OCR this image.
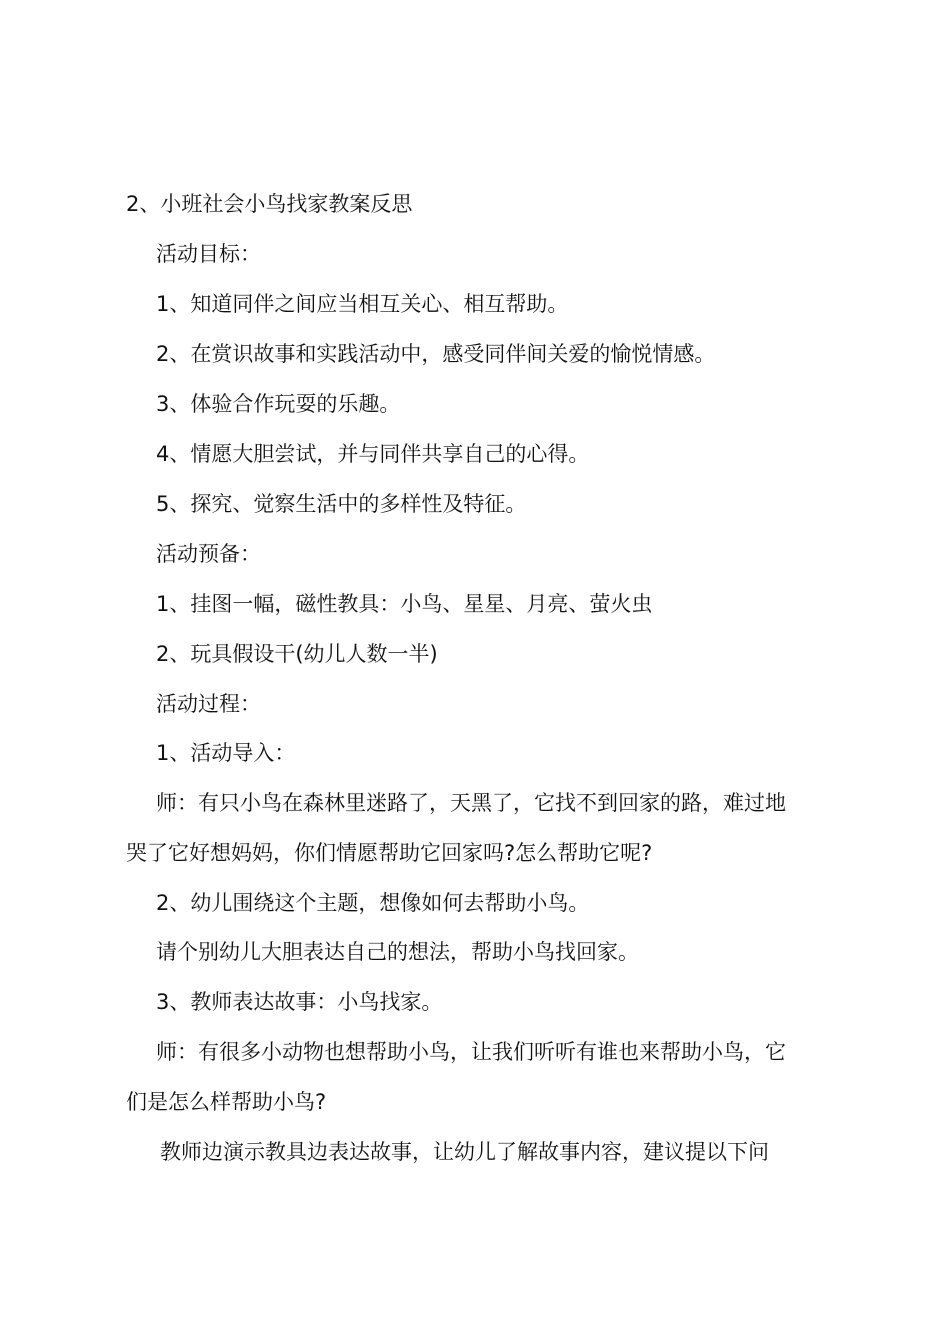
2、小班社会小鸟找家教案反思
活动目标：
1、知道同伴之间应当相互关心、相互帮助。
2、在赏识故事和实践活动中，感受同伴间关爱的愉悦情感。
3、体验合作玩耍的乐趣。
4、情愿大胆尝试，并与同伴共享自己的心得。
5、探究、觉察生活中的多样性及特征。
活动预备：
1、挂图一幅，磁性教具：小鸟、星星、月亮、萤火虫
2、玩具假设干(幼儿人数一半)
活动过程：
1、活动导入：
师：有只小鸟在森林里迷路了，天黑了，它找不到回家的路，难过地
哭了它好想妈妈，你们情愿帮助它回家吗?怎么帮助它呢?
2、幼儿围绕这个主题，想像如何去帮助小鸟。
请个别幼儿大胆表达自己的想法，帮助小鸟找回家。
3、教师表达故事：小鸟找家。
师：有很多小动物也想帮助小鸟，让我们听听有谁也来帮助小鸟，它
们是怎么样帮助小鸟?
教师边演示教具边表达故事，让幼儿了解故事内容，建议提以下问
